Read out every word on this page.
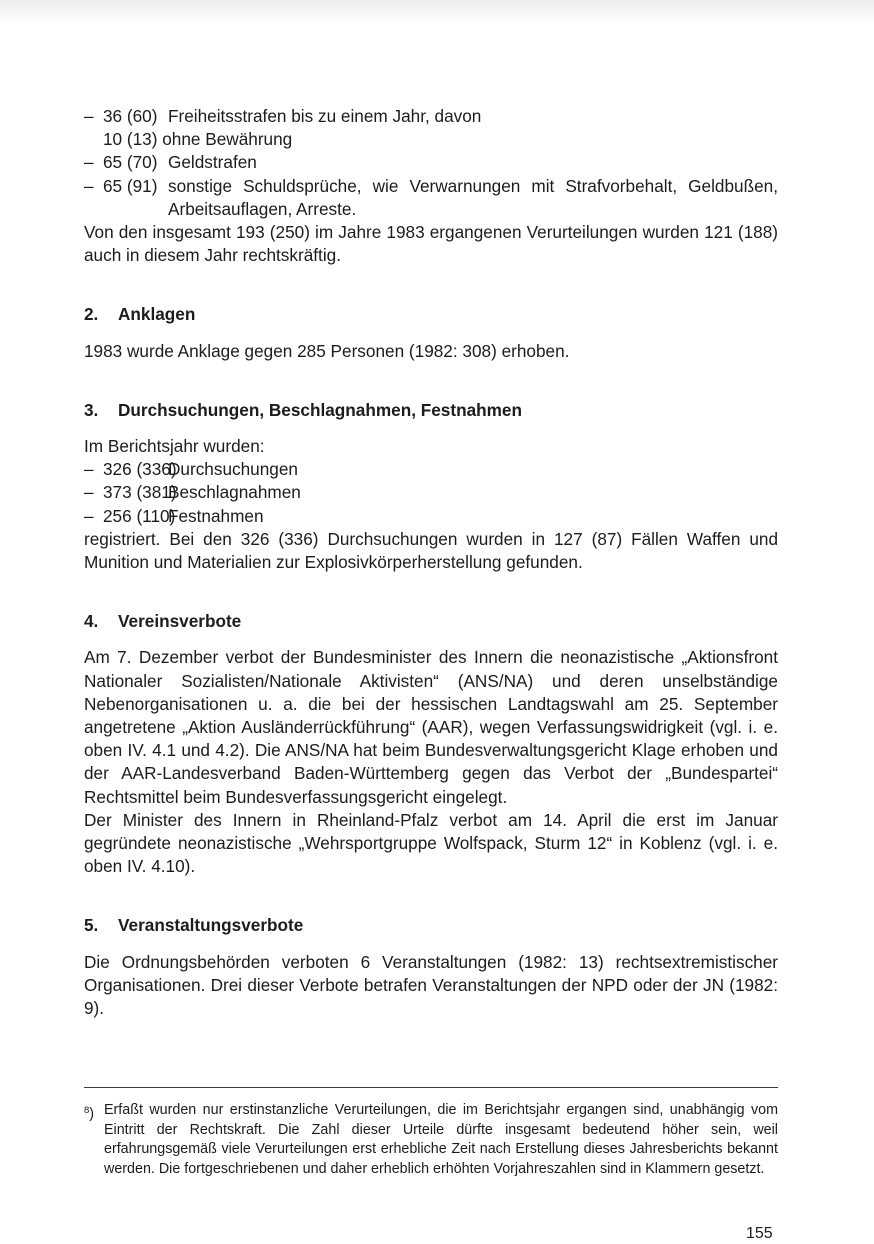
– 36 (60) Freiheitsstrafen bis zu einem Jahr, davon
10 (13) ohne Bewährung
– 65 (70) Geldstrafen
– 65 (91) sonstige Schuldsprüche, wie Verwarnungen mit Strafvorbehalt, Geldbußen, Arbeitsauflagen, Arreste.

Von den insgesamt 193 (250) im Jahre 1983 ergangenen Verurteilungen wurden 121 (188) auch in diesem Jahr rechtskräftig.

2. Anklagen

1983 wurde Anklage gegen 285 Personen (1982: 308) erhoben.

3. Durchsuchungen, Beschlagnahmen, Festnahmen

Im Berichtsjahr wurden:

– 326 (336)
Durchsuchungen
– 373 (381)
Beschlagnahmen
– 256 (110)
Festnahmen

registriert. Bei den 326 (336) Durchsuchungen wurden in 127 (87) Fällen Waffen und Munition und Materialien zur Explosivkörperherstellung gefunden.

4. Vereinsverbote

Am 7. Dezember verbot der Bundesminister des Innern die neonazistische „Aktionsfront Nationaler Sozialisten/Nationale Aktivisten“ (ANS/NA) und deren unselbständige Nebenorganisationen u. a. die bei der hessischen Landtagswahl am 25. September angetretene „Aktion Ausländerrückführung“ (AAR), wegen Verfassungswidrigkeit (vgl. i. e. oben IV. 4.1 und 4.2). Die ANS/NA hat beim Bundesverwaltungsgericht Klage erhoben und der AAR-Landesverband Baden-Württemberg gegen das Verbot der „Bundespartei“ Rechtsmittel beim Bundesverfassungsgericht eingelegt.

Der Minister des Innern in Rheinland-Pfalz verbot am 14. April die erst im Januar gegründete neonazistische „Wehrsportgruppe Wolfspack, Sturm 12“ in Koblenz (vgl. i. e. oben IV. 4.10).

5. Veranstaltungsverbote

Die Ordnungsbehörden verboten 6 Veranstaltungen (1982: 13) rechtsextremistischer Organisationen. Drei dieser Verbote betrafen Veranstaltungen der NPD oder der JN (1982: 9).

$^8$) Erfaßt wurden nur erstinstanzliche Verurteilungen, die im Berichtsjahr ergangen sind, unabhängig vom Eintritt der Rechtskraft. Die Zahl dieser Urteile dürfte insgesamt bedeutend höher sein, weil erfahrungsgemäß viele Verurteilungen erst erhebliche Zeit nach Erstellung dieses Jahresberichts bekannt werden. Die fortgeschriebenen und daher erheblich erhöhten Vorjahreszahlen sind in Klammern gesetzt.
155
